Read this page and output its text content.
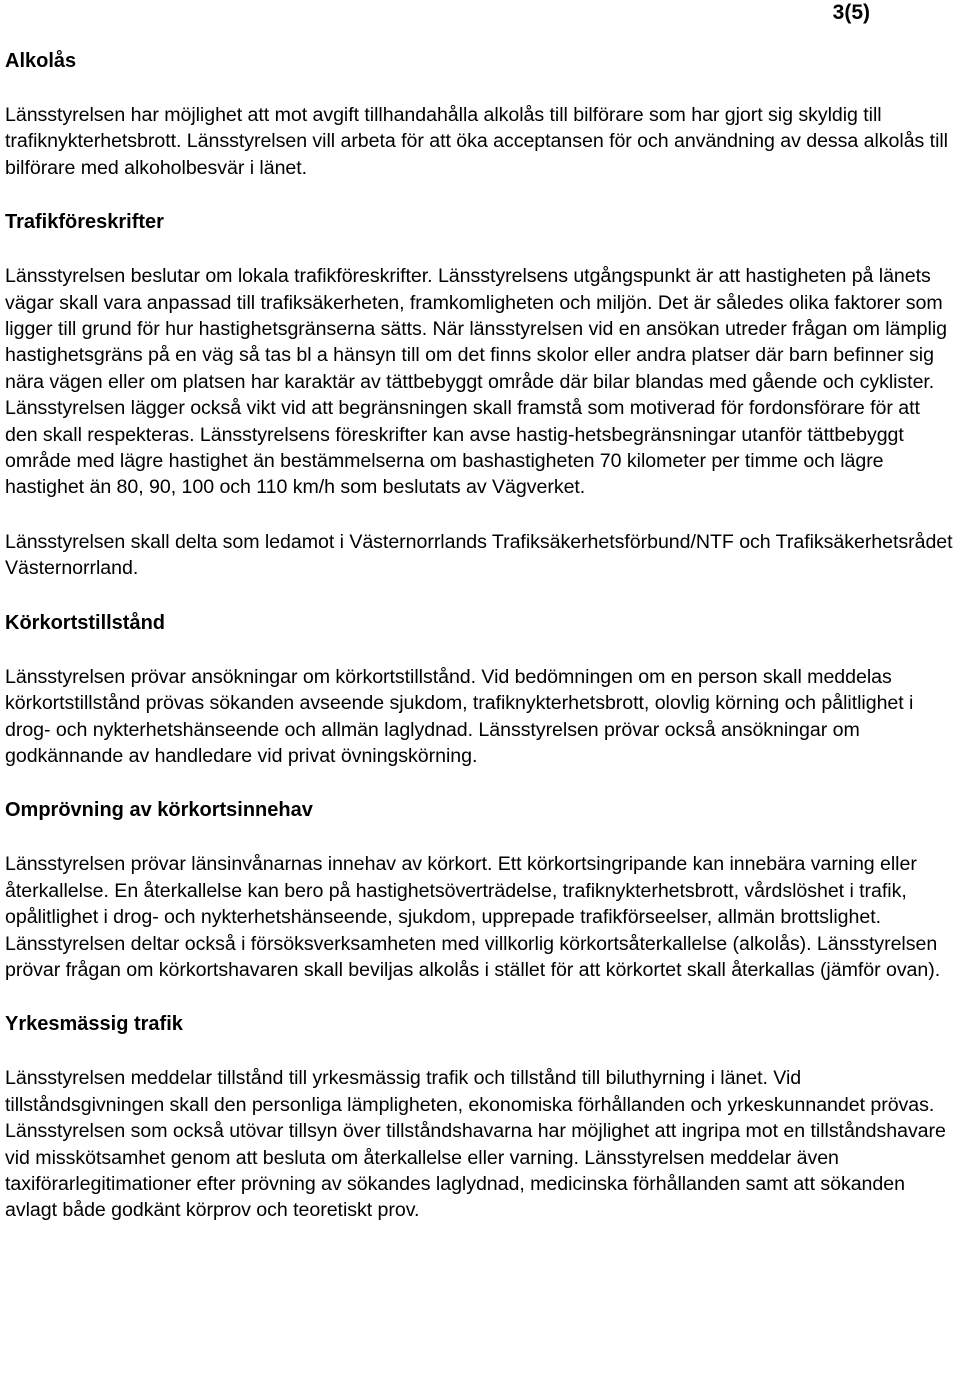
3(5)
Alkolås

Länsstyrelsen har möjlighet att mot avgift tillhandahålla alkolås till bilförare som har gjort sig skyldig till trafiknykterhetsbrott. Länsstyrelsen vill arbeta för att öka acceptansen för och användning av dessa alkolås till bilförare med alkoholbesvär i länet.

Trafikföreskrifter

Länsstyrelsen beslutar om lokala trafikföreskrifter. Länsstyrelsens utgångspunkt är att hastigheten på länets vägar skall vara anpassad till trafiksäkerheten, framkomligheten och miljön. Det är således olika faktorer som ligger till grund för hur hastighetsgränserna sätts. När länsstyrelsen vid en ansökan utreder frågan om lämplig hastighetsgräns på en väg så tas bl a hänsyn till om det finns skolor eller andra platser där barn befinner sig nära vägen eller om platsen har karaktär av tättbebyggt område där bilar blandas med gående och cyklister. Länsstyrelsen lägger också vikt vid att begränsningen skall framstå som motiverad för fordonsförare för att den skall respekteras. Länsstyrelsens föreskrifter kan avse hastig-hetsbegränsningar utanför tättbebyggt område med lägre hastighet än bestämmelserna om bashastigheten 70 kilometer per timme och lägre hastighet än 80, 90, 100 och 110 km/h som beslutats av Vägverket.

Länsstyrelsen skall delta som ledamot i Västernorrlands Trafiksäkerhetsförbund/NTF och Trafiksäkerhetsrådet Västernorrland.

Körkortstillstånd

Länsstyrelsen prövar ansökningar om körkortstillstånd. Vid bedömningen om en person skall meddelas körkortstillstånd prövas sökanden avseende sjukdom, trafiknykterhetsbrott, olovlig körning och pålitlighet i drog- och nykterhetshänseende och allmän laglydnad. Länsstyrelsen prövar också ansökningar om godkännande av handledare vid privat övningskörning.

Omprövning av körkortsinnehav

Länsstyrelsen prövar länsinvånarnas innehav av körkort. Ett körkortsingripande kan innebära varning eller återkallelse. En återkallelse kan bero på hastighetsöverträdelse, trafiknykterhetsbrott, vårdslöshet i trafik, opålitlighet i drog- och nykterhetshänseende, sjukdom, upprepade trafikförseelser, allmän brottslighet. Länsstyrelsen deltar också i försöksverksamheten med villkorlig körkortsåterkallelse (alkolås). Länsstyrelsen prövar frågan om körkortshavaren skall beviljas alkolås i stället för att körkortet skall återkallas (jämför ovan).

Yrkesmässig trafik

Länsstyrelsen meddelar tillstånd till yrkesmässig trafik och tillstånd till biluthyrning i länet. Vid tillståndsgivningen skall den personliga lämpligheten, ekonomiska förhållanden och yrkeskunnandet prövas. Länsstyrelsen som också utövar tillsyn över tillståndshavarna har möjlighet att ingripa mot en tillståndshavare vid misskötsamhet genom att besluta om återkallelse eller varning. Länsstyrelsen meddelar även taxiförarlegitimationer efter prövning av sökandes laglydnad, medicinska förhållanden samt att sökanden avlagt både godkänt körprov och teoretiskt prov.
